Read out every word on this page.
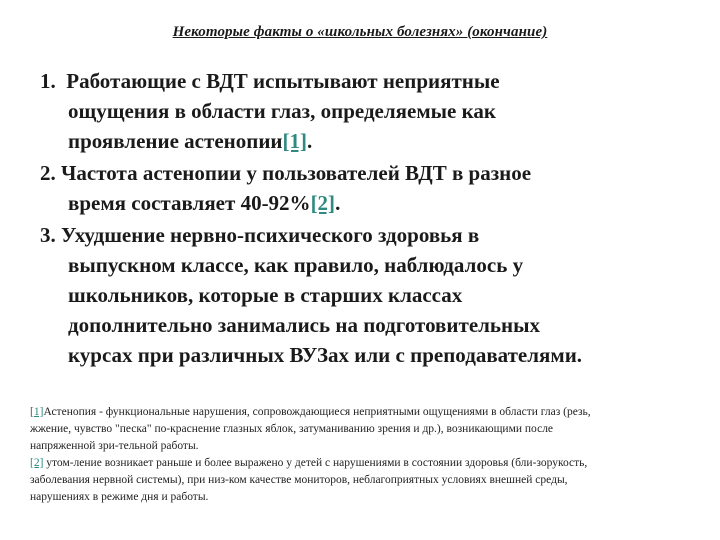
Некоторые факты о «школьных болезнях» (окончание)
1. Работающие с ВДТ испытывают неприятные
ощущения в области глаз, определяемые как
проявление астенопии[1].
2. Частота астенопии у пользователей ВДТ в разное
время составляет 40-92%[2].
3. Ухудшение нервно-психического здоровья в
выпускном классе, как правило, наблюдалось у
школьников, которые в старших классах
дополнительно занимались на подготовительных
курсах при различных ВУЗах или с преподавателями.
[1]Астенопия - функциональные нарушения, сопровождающиеся неприятными ощущениями в области глаз (резь,
жжение, чувство "песка" по-краснение глазных яблок, затуманиванию зрения и др.), возникающими после
напряженной зри-тельной работы.
[2] утом-ление возникает раньше и более выражено у детей с нарушениями в состоянии здоровья (бли-зорукость,
заболевания нервной системы), при низ-ком качестве мониторов, неблагоприятных условиях внешней среды,
нарушениях в режиме дня и работы.
